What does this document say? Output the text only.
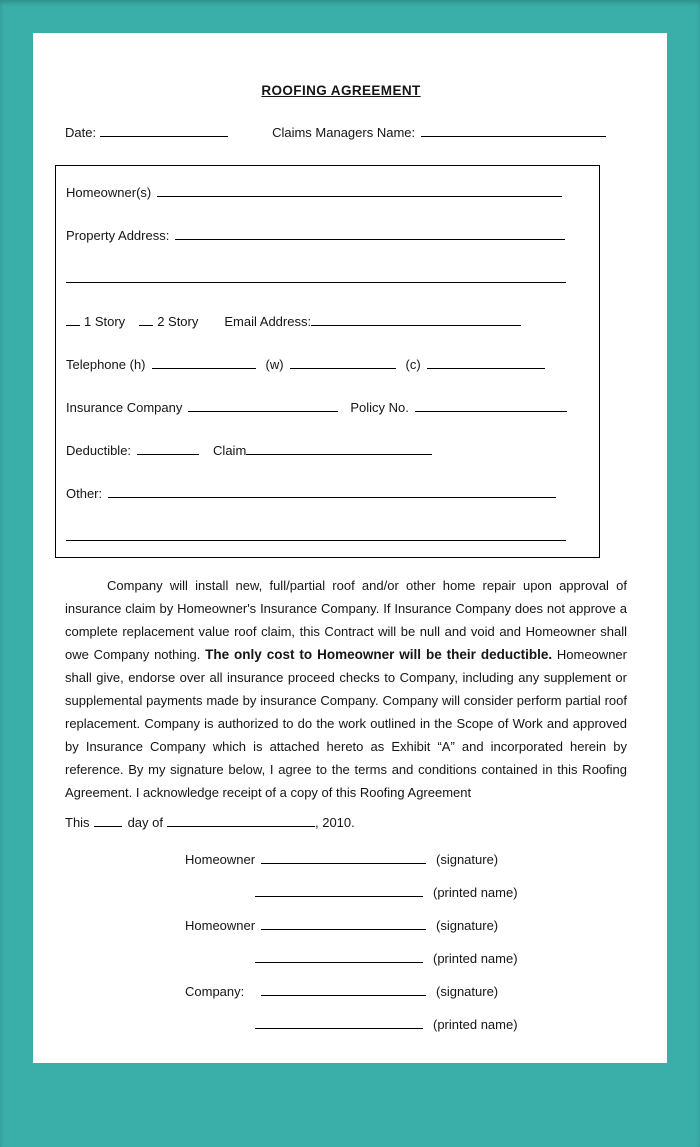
ROOFING AGREEMENT
Date:	Claims Managers Name:
Homeowner(s)
Property Address:
1 Story 2 Story Email Address:
Telephone (h)	(w)	(c)
Insurance Company	Policy No.
Deductible:	Claim
Other:

Company will install new, full/partial roof and/or other home repair upon approval of insurance claim by Homeowner's Insurance Company. If Insurance Company does not approve a complete replacement value roof claim, this Contract will be null and void and Homeowner shall owe Company nothing. The only cost to Homeowner will be their deductible. Homeowner shall give, endorse over all insurance proceed checks to Company, including any supplement or supplemental payments made by insurance Company. Company will consider perform partial roof replacement. Company is authorized to do the work outlined in the Scope of Work and approved by Insurance Company which is attached hereto as Exhibit “A” and incorporated herein by reference. By my signature below, I agree to the terms and conditions contained in this Roofing Agreement. I acknowledge receipt of a copy of this Roofing Agreement

This	day of	, 2010.
Homeowner	(signature)
(printed name)
Homeowner	(signature)
(printed name)
Company:	(signature)
(printed name)
